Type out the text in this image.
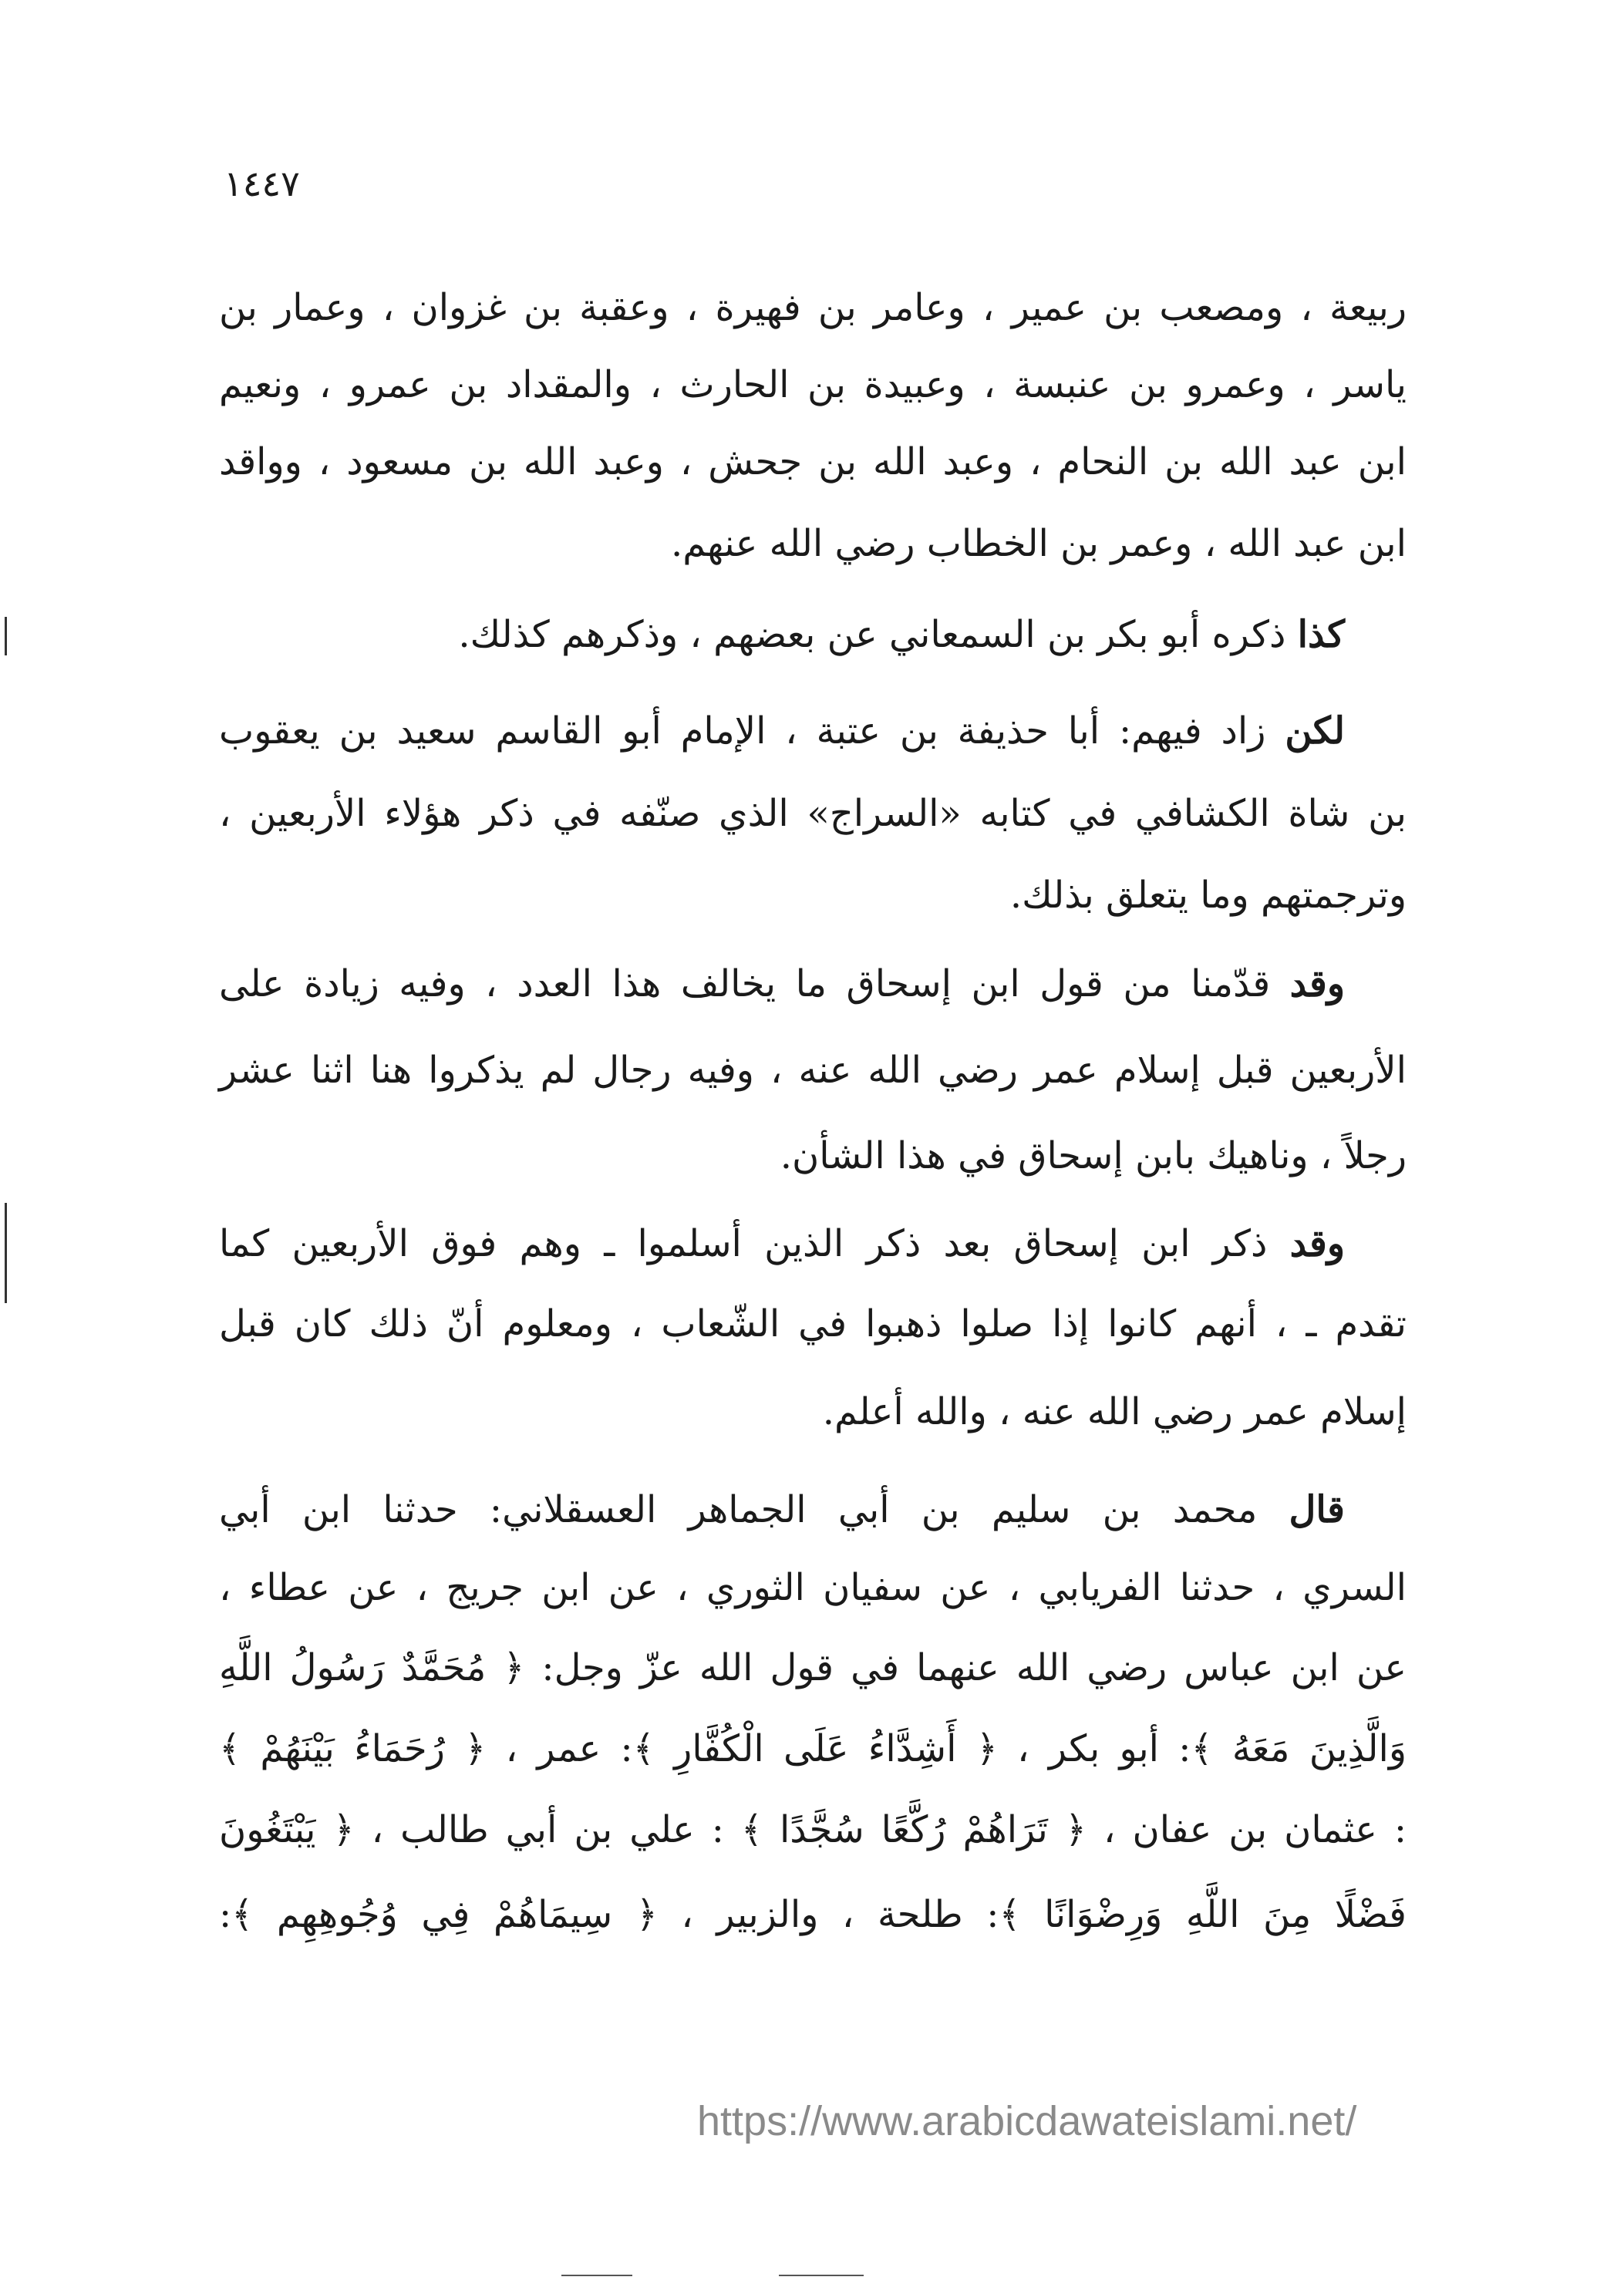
١٤٤٧
ربيعة ، ومصعب بن عمير ، وعامر بن فهيرة ، وعقبة بن غزوان ، وعمار بن
ياسر ، وعمرو بن عنبسة ، وعبيدة بن الحارث ، والمقداد بن عمرو ، ونعيم
ابن عبد الله بن النحام ، وعبد الله بن جحش ، وعبد الله بن مسعود ، وواقد
ابن عبد الله ، وعمر بن الخطاب رضي الله عنهم.
كذا ذكره أبو بكر بن السمعاني عن بعضهم ، وذكرهم كذلك.
لكن زاد فيهم: أبا حذيفة بن عتبة ، الإمام أبو القاسم سعيد بن يعقوب
بن شاة الكشافي في كتابه «السراج» الذي صنّفه في ذكر هؤلاء الأربعين ،
وترجمتهم وما يتعلق بذلك.
وقد قدّمنا من قول ابن إسحاق ما يخالف هذا العدد ، وفيه زيادة على
الأربعين قبل إسلام عمر رضي الله عنه ، وفيه رجال لم يذكروا هنا اثنا عشر
رجلاً ، وناهيك بابن إسحاق في هذا الشأن.
وقد ذكر ابن إسحاق بعد ذكر الذين أسلموا ـ وهم فوق الأربعين كما
تقدم ـ ، أنهم كانوا إذا صلوا ذهبوا في الشّعاب ، ومعلوم أنّ ذلك كان قبل
إسلام عمر رضي الله عنه ، والله أعلم.
قال محمد بن سليم بن أبي الجماهر العسقلاني: حدثنا ابن أبي
السري ، حدثنا الفريابي ، عن سفيان الثوري ، عن ابن جريج ، عن عطاء ،
عن ابن عباس رضي الله عنهما في قول الله عزّ وجل: ﴿ مُحَمَّدٌ رَسُولُ اللَّهِ
وَالَّذِينَ مَعَهُ ﴾: أبو بكر ، ﴿ أَشِدَّاءُ عَلَى الْكُفَّارِ ﴾: عمر ، ﴿ رُحَمَاءُ بَيْنَهُمْ ﴾
: عثمان بن عفان ، ﴿ تَرَاهُمْ رُكَّعًا سُجَّدًا ﴾ : علي بن أبي طالب ، ﴿ يَبْتَغُونَ
فَضْلًا مِنَ اللَّهِ وَرِضْوَانًا ﴾: طلحة ، والزبير ، ﴿ سِيمَاهُمْ فِي وُجُوهِهِم ﴾:
https://www.arabicdawateislami.net/
